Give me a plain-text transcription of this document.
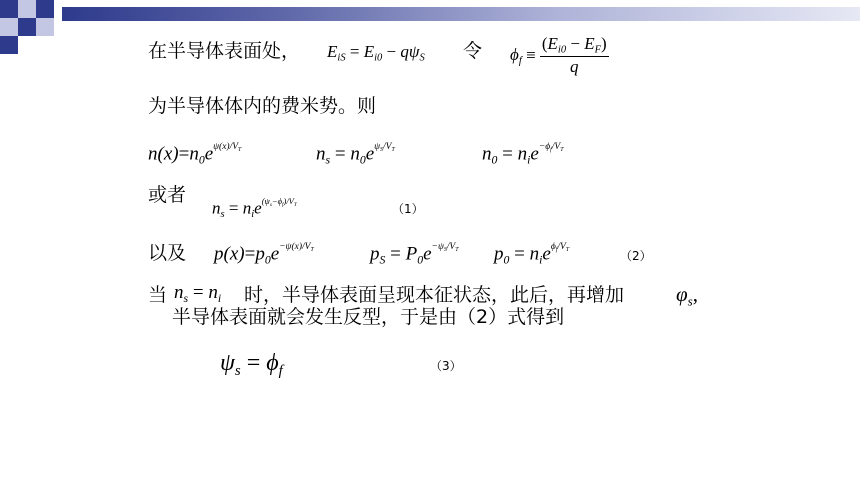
在半导体表面处， $E_{iS} = E_{i0} - q\psi_S$ 令 $\phi_f \equiv \frac{(E_{i0} - E_F)}{q}$
为半导体体内的费米势。则
$n(x)=n_0e^{\psi(x)/V_T}$	$n_s = n_0e^{\psi_S/V_T}$	$n_0 = n_ie^{-\phi_f/V_T}$
或者
$n_s = n_ie^{(\psi_s-\phi_f)/V_T}$	（1）
以及 $p(x)=p_0e^{-\psi(x)/V_T}$	$p_S = P_0e^{-\psi_S/V_T}$ $p_0 = n_ie^{\phi_f/V_T}$	（2）
当 $n_s = n_i$ 时，半导体表面呈现本征状态，此后，再增加 $\varphi_s$,
半导体表面就会发生反型，于是由（2）式得到
$\psi_s = \phi_f$	（3）
